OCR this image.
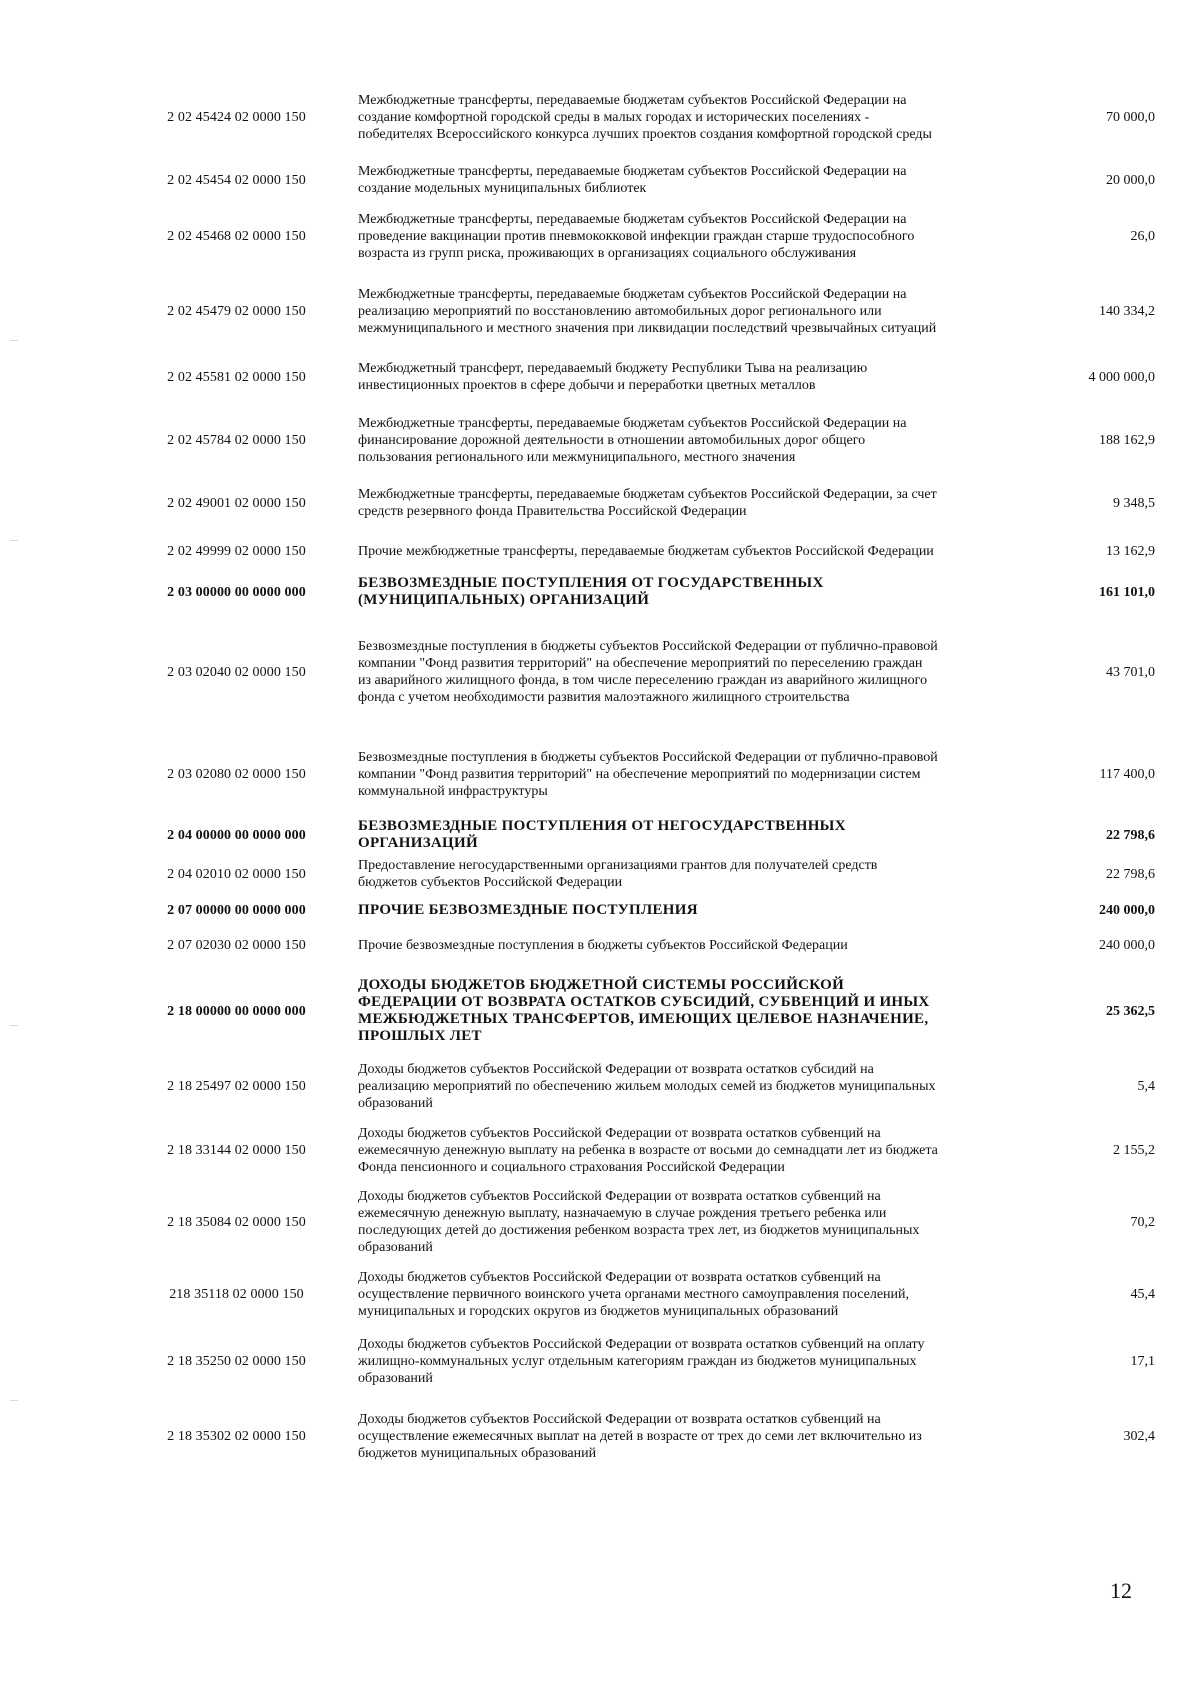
2 02 45424 02 0000 150	Межбюджетные трансферты, передаваемые бюджетам субъектов Российской Федерации на создание комфортной городской среды в малых городах и исторических поселениях - победителях Всероссийского конкурса лучших проектов создания комфортной городской среды	70 000,0
2 02 45454 02 0000 150	Межбюджетные трансферты, передаваемые бюджетам субъектов Российской Федерации на создание модельных муниципальных библиотек	20 000,0
2 02 45468 02 0000 150	Межбюджетные трансферты, передаваемые бюджетам субъектов Российской Федерации на проведение вакцинации против пневмококковой инфекции граждан старше трудоспособного возраста из групп риска, проживающих в организациях социального обслуживания	26,0
2 02 45479 02 0000 150	Межбюджетные трансферты, передаваемые бюджетам субъектов Российской Федерации на реализацию мероприятий по восстановлению автомобильных дорог регионального или межмуниципального и местного значения при ликвидации последствий чрезвычайных ситуаций	140 334,2
2 02 45581 02 0000 150	Межбюджетный трансферт, передаваемый бюджету Республики Тыва на реализацию инвестиционных проектов в сфере добычи и переработки цветных металлов	4 000 000,0
2 02 45784 02 0000 150	Межбюджетные трансферты, передаваемые бюджетам субъектов Российской Федерации на финансирование дорожной деятельности в отношении автомобильных дорог общего пользования регионального или межмуниципального, местного значения	188 162,9
2 02 49001 02 0000 150	Межбюджетные трансферты, передаваемые бюджетам субъектов Российской Федерации, за счет средств резервного фонда Правительства Российской Федерации	9 348,5
2 02 49999 02 0000 150	Прочие межбюджетные трансферты, передаваемые бюджетам субъектов Российской Федерации	13 162,9
2 03 00000 00 0000 000	БЕЗВОЗМЕЗДНЫЕ ПОСТУПЛЕНИЯ ОТ ГОСУДАРСТВЕННЫХ (МУНИЦИПАЛЬНЫХ) ОРГАНИЗАЦИЙ	161 101,0
2 03 02040 02 0000 150	Безвозмездные поступления в бюджеты субъектов Российской Федерации от публично-правовой компании "Фонд развития территорий" на обеспечение мероприятий по переселению граждан из аварийного жилищного фонда, в том числе переселению граждан из аварийного жилищного фонда с учетом необходимости развития малоэтажного жилищного строительства	43 701,0
2 03 02080 02 0000 150	Безвозмездные поступления в бюджеты субъектов Российской Федерации от публично-правовой компании "Фонд развития территорий" на обеспечение мероприятий по модернизации систем коммунальной инфраструктуры	117 400,0
2 04 00000 00 0000 000	БЕЗВОЗМЕЗДНЫЕ ПОСТУПЛЕНИЯ ОТ НЕГОСУДАРСТВЕННЫХ ОРГАНИЗАЦИЙ	22 798,6
2 04 02010 02 0000 150	Предоставление негосударственными организациями грантов для получателей средств бюджетов субъектов Российской Федерации	22 798,6
2 07 00000 00 0000 000	ПРОЧИЕ БЕЗВОЗМЕЗДНЫЕ ПОСТУПЛЕНИЯ	240 000,0
2 07 02030 02 0000 150	Прочие безвозмездные поступления в бюджеты субъектов Российской Федерации	240 000,0
2 18 00000 00 0000 000	ДОХОДЫ БЮДЖЕТОВ БЮДЖЕТНОЙ СИСТЕМЫ РОССИЙСКОЙ ФЕДЕРАЦИИ ОТ ВОЗВРАТА ОСТАТКОВ СУБСИДИЙ, СУБВЕНЦИЙ И ИНЫХ МЕЖБЮДЖЕТНЫХ ТРАНСФЕРТОВ, ИМЕЮЩИХ ЦЕЛЕВОЕ НАЗНАЧЕНИЕ, ПРОШЛЫХ ЛЕТ	25 362,5
2 18 25497 02 0000 150	Доходы бюджетов субъектов Российской Федерации от возврата остатков субсидий на реализацию мероприятий по обеспечению жильем молодых семей из бюджетов муниципальных образований	5,4
2 18 33144 02 0000 150	Доходы бюджетов субъектов Российской Федерации от возврата остатков субвенций на ежемесячную денежную выплату на ребенка в возрасте от восьми до семнадцати лет из бюджета Фонда пенсионного и социального страхования Российской Федерации	2 155,2
2 18 35084 02 0000 150	Доходы бюджетов субъектов Российской Федерации от возврата остатков субвенций на ежемесячную денежную выплату, назначаемую в случае рождения третьего ребенка или последующих детей до достижения ребенком возраста трех лет, из бюджетов муниципальных образований	70,2
218 35118 02 0000 150	Доходы бюджетов субъектов Российской Федерации от возврата остатков субвенций на осуществление первичного воинского учета органами местного самоуправления поселений, муниципальных и городских округов из бюджетов муниципальных образований	45,4
2 18 35250 02 0000 150	Доходы бюджетов субъектов Российской Федерации от возврата остатков субвенций на оплату жилищно-коммунальных услуг отдельным категориям граждан из бюджетов муниципальных образований	17,1
2 18 35302 02 0000 150	Доходы бюджетов субъектов Российской Федерации от возврата остатков субвенций на осуществление ежемесячных выплат на детей в возрасте от трех до семи лет включительно из бюджетов муниципальных образований	302,4
12
